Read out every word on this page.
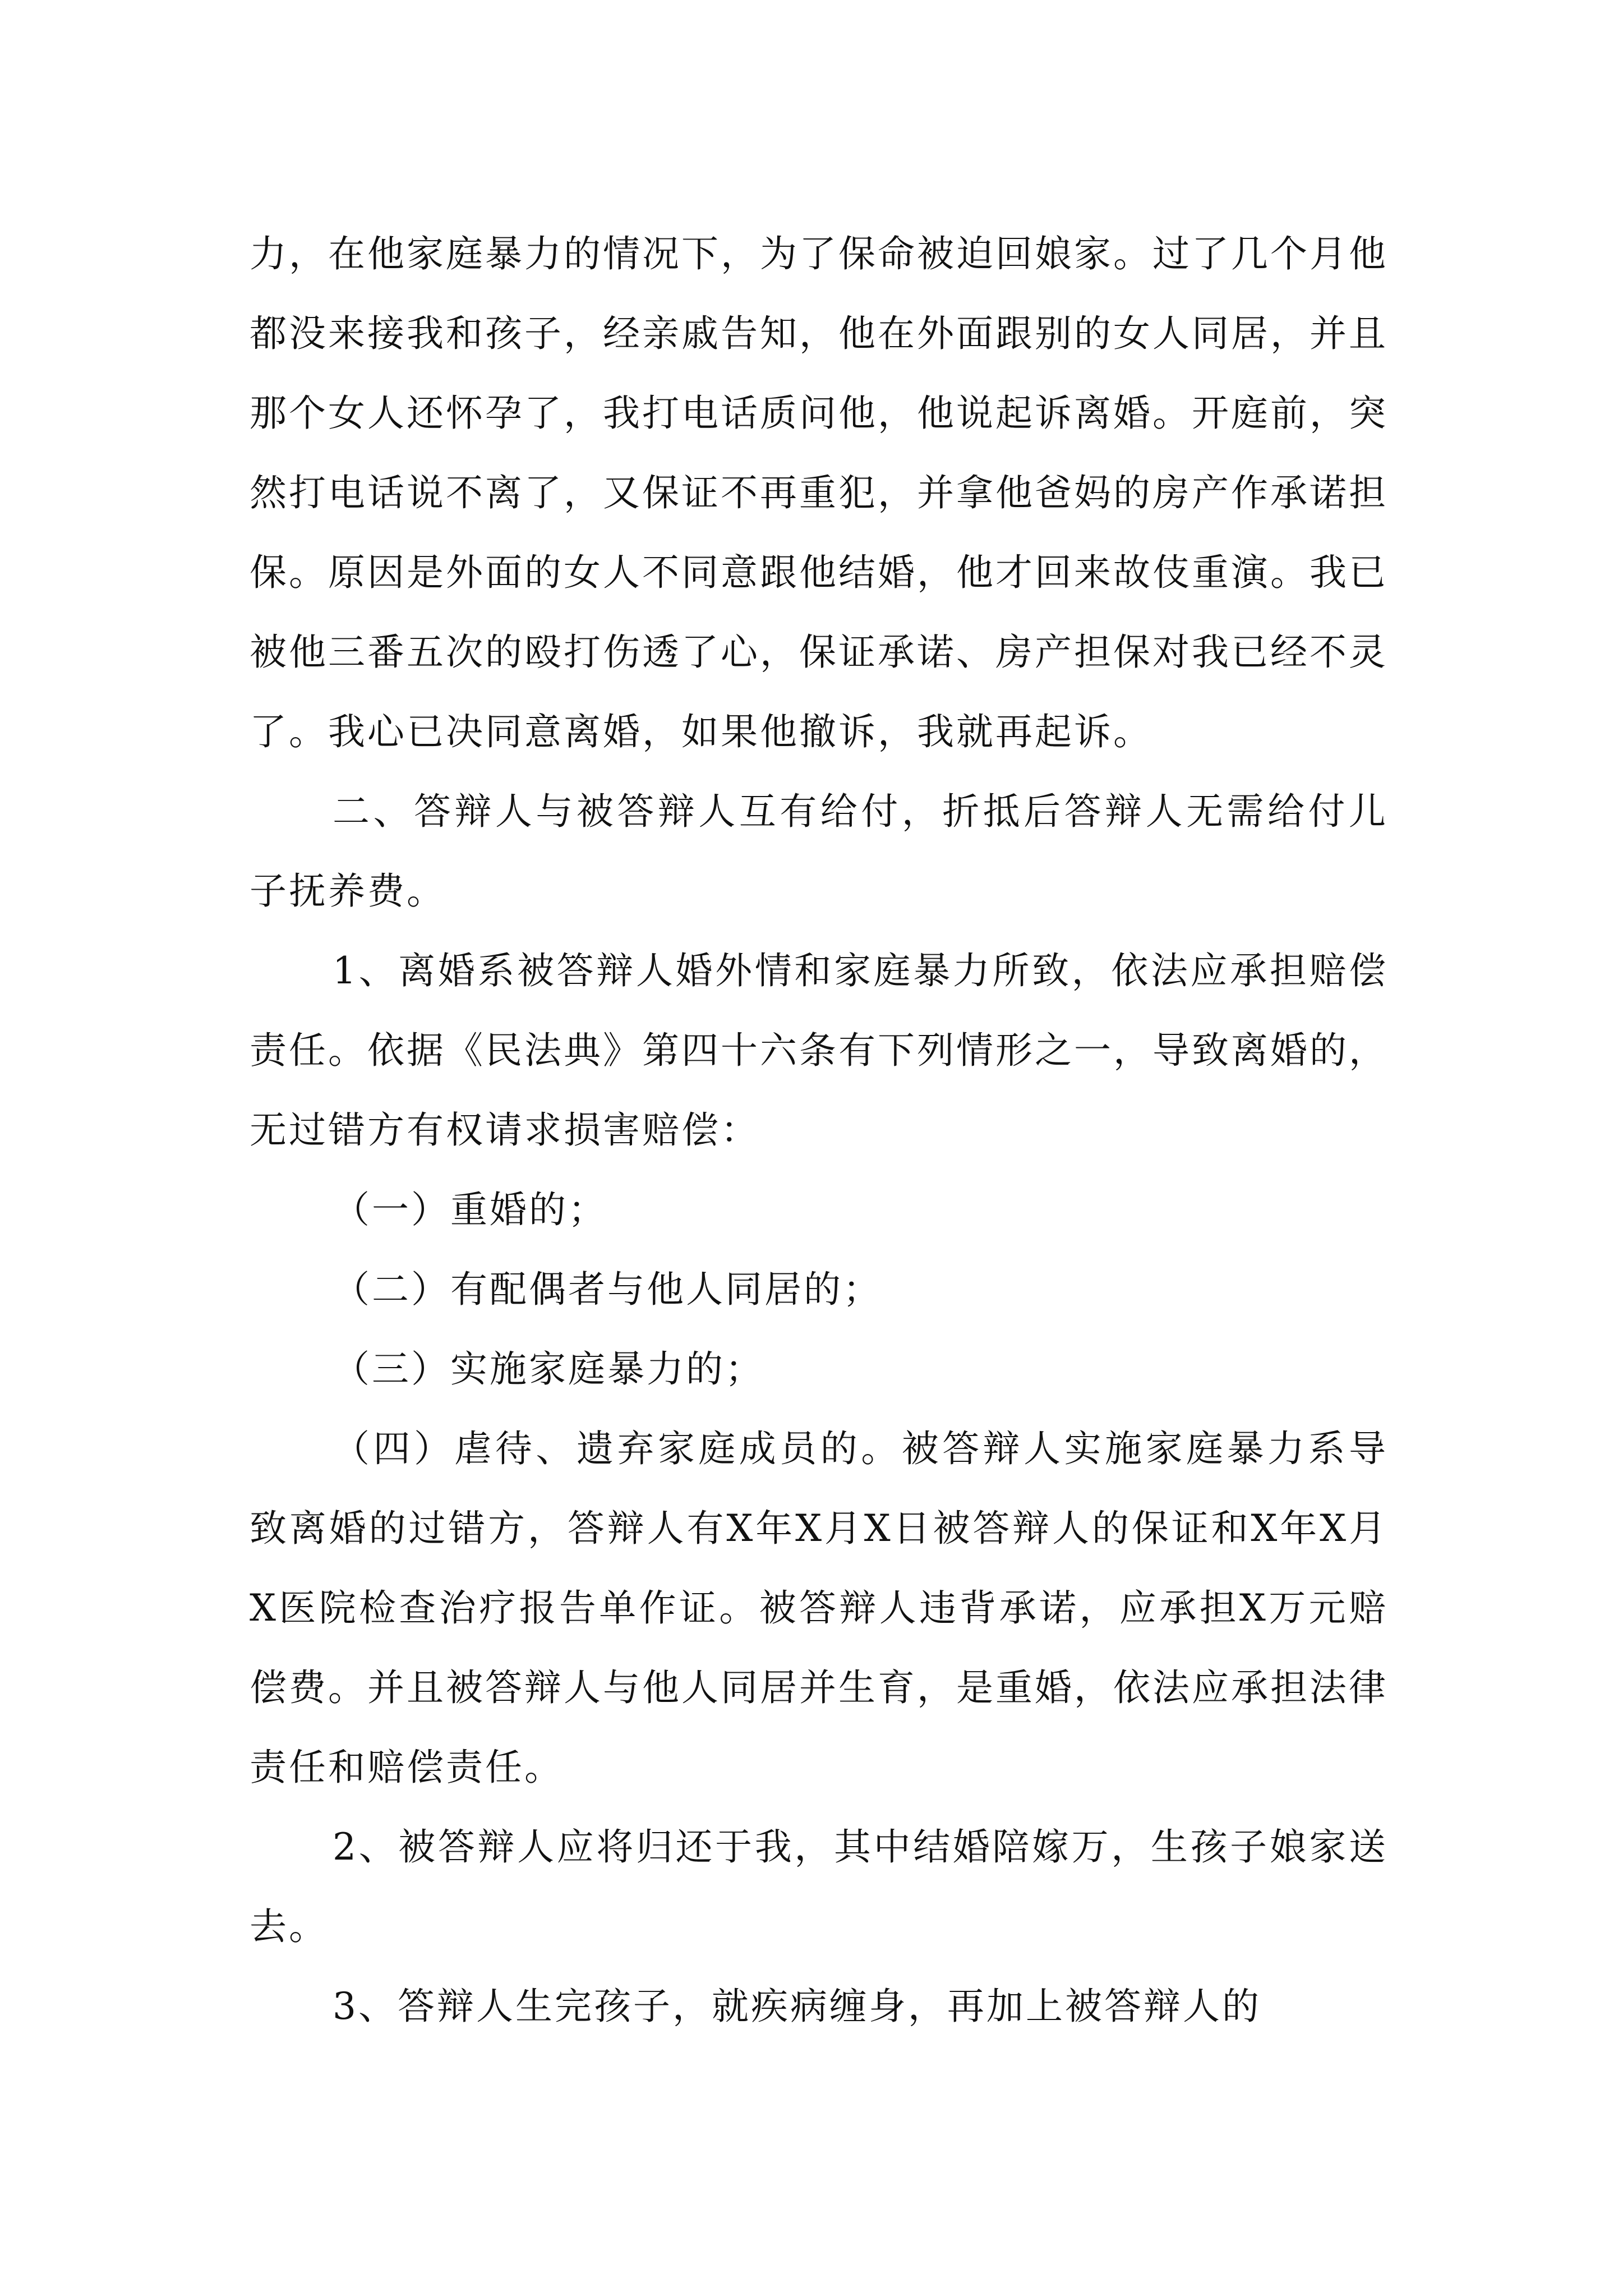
力，在他家庭暴力的情况下，为了保命被迫回娘家。过了几个月他都没来接我和孩子，经亲戚告知，他在外面跟别的女人同居，并且那个女人还怀孕了，我打电话质问他，他说起诉离婚。开庭前，突然打电话说不离了，又保证不再重犯，并拿他爸妈的房产作承诺担保。原因是外面的女人不同意跟他结婚，他才回来故伎重演。我已被他三番五次的殴打伤透了心，保证承诺、房产担保对我已经不灵了。我心已决同意离婚，如果他撤诉，我就再起诉。

二、答辩人与被答辩人互有给付，折抵后答辩人无需给付儿子抚养费。

1、离婚系被答辩人婚外情和家庭暴力所致，依法应承担赔偿责任。依据《民法典》第四十六条有下列情形之一，导致离婚的，无过错方有权请求损害赔偿：

（一）重婚的；

（二）有配偶者与他人同居的；

（三）实施家庭暴力的；

（四）虐待、遗弃家庭成员的。被答辩人实施家庭暴力系导致离婚的过错方，答辩人有X年X月X日被答辩人的保证和X年X月X医院检查治疗报告单作证。被答辩人违背承诺，应承担X万元赔偿费。并且被答辩人与他人同居并生育，是重婚，依法应承担法律责任和赔偿责任。

2、被答辩人应将归还于我，其中结婚陪嫁万，生孩子娘家送去。

3、答辩人生完孩子，就疾病缠身，再加上被答辩人的
